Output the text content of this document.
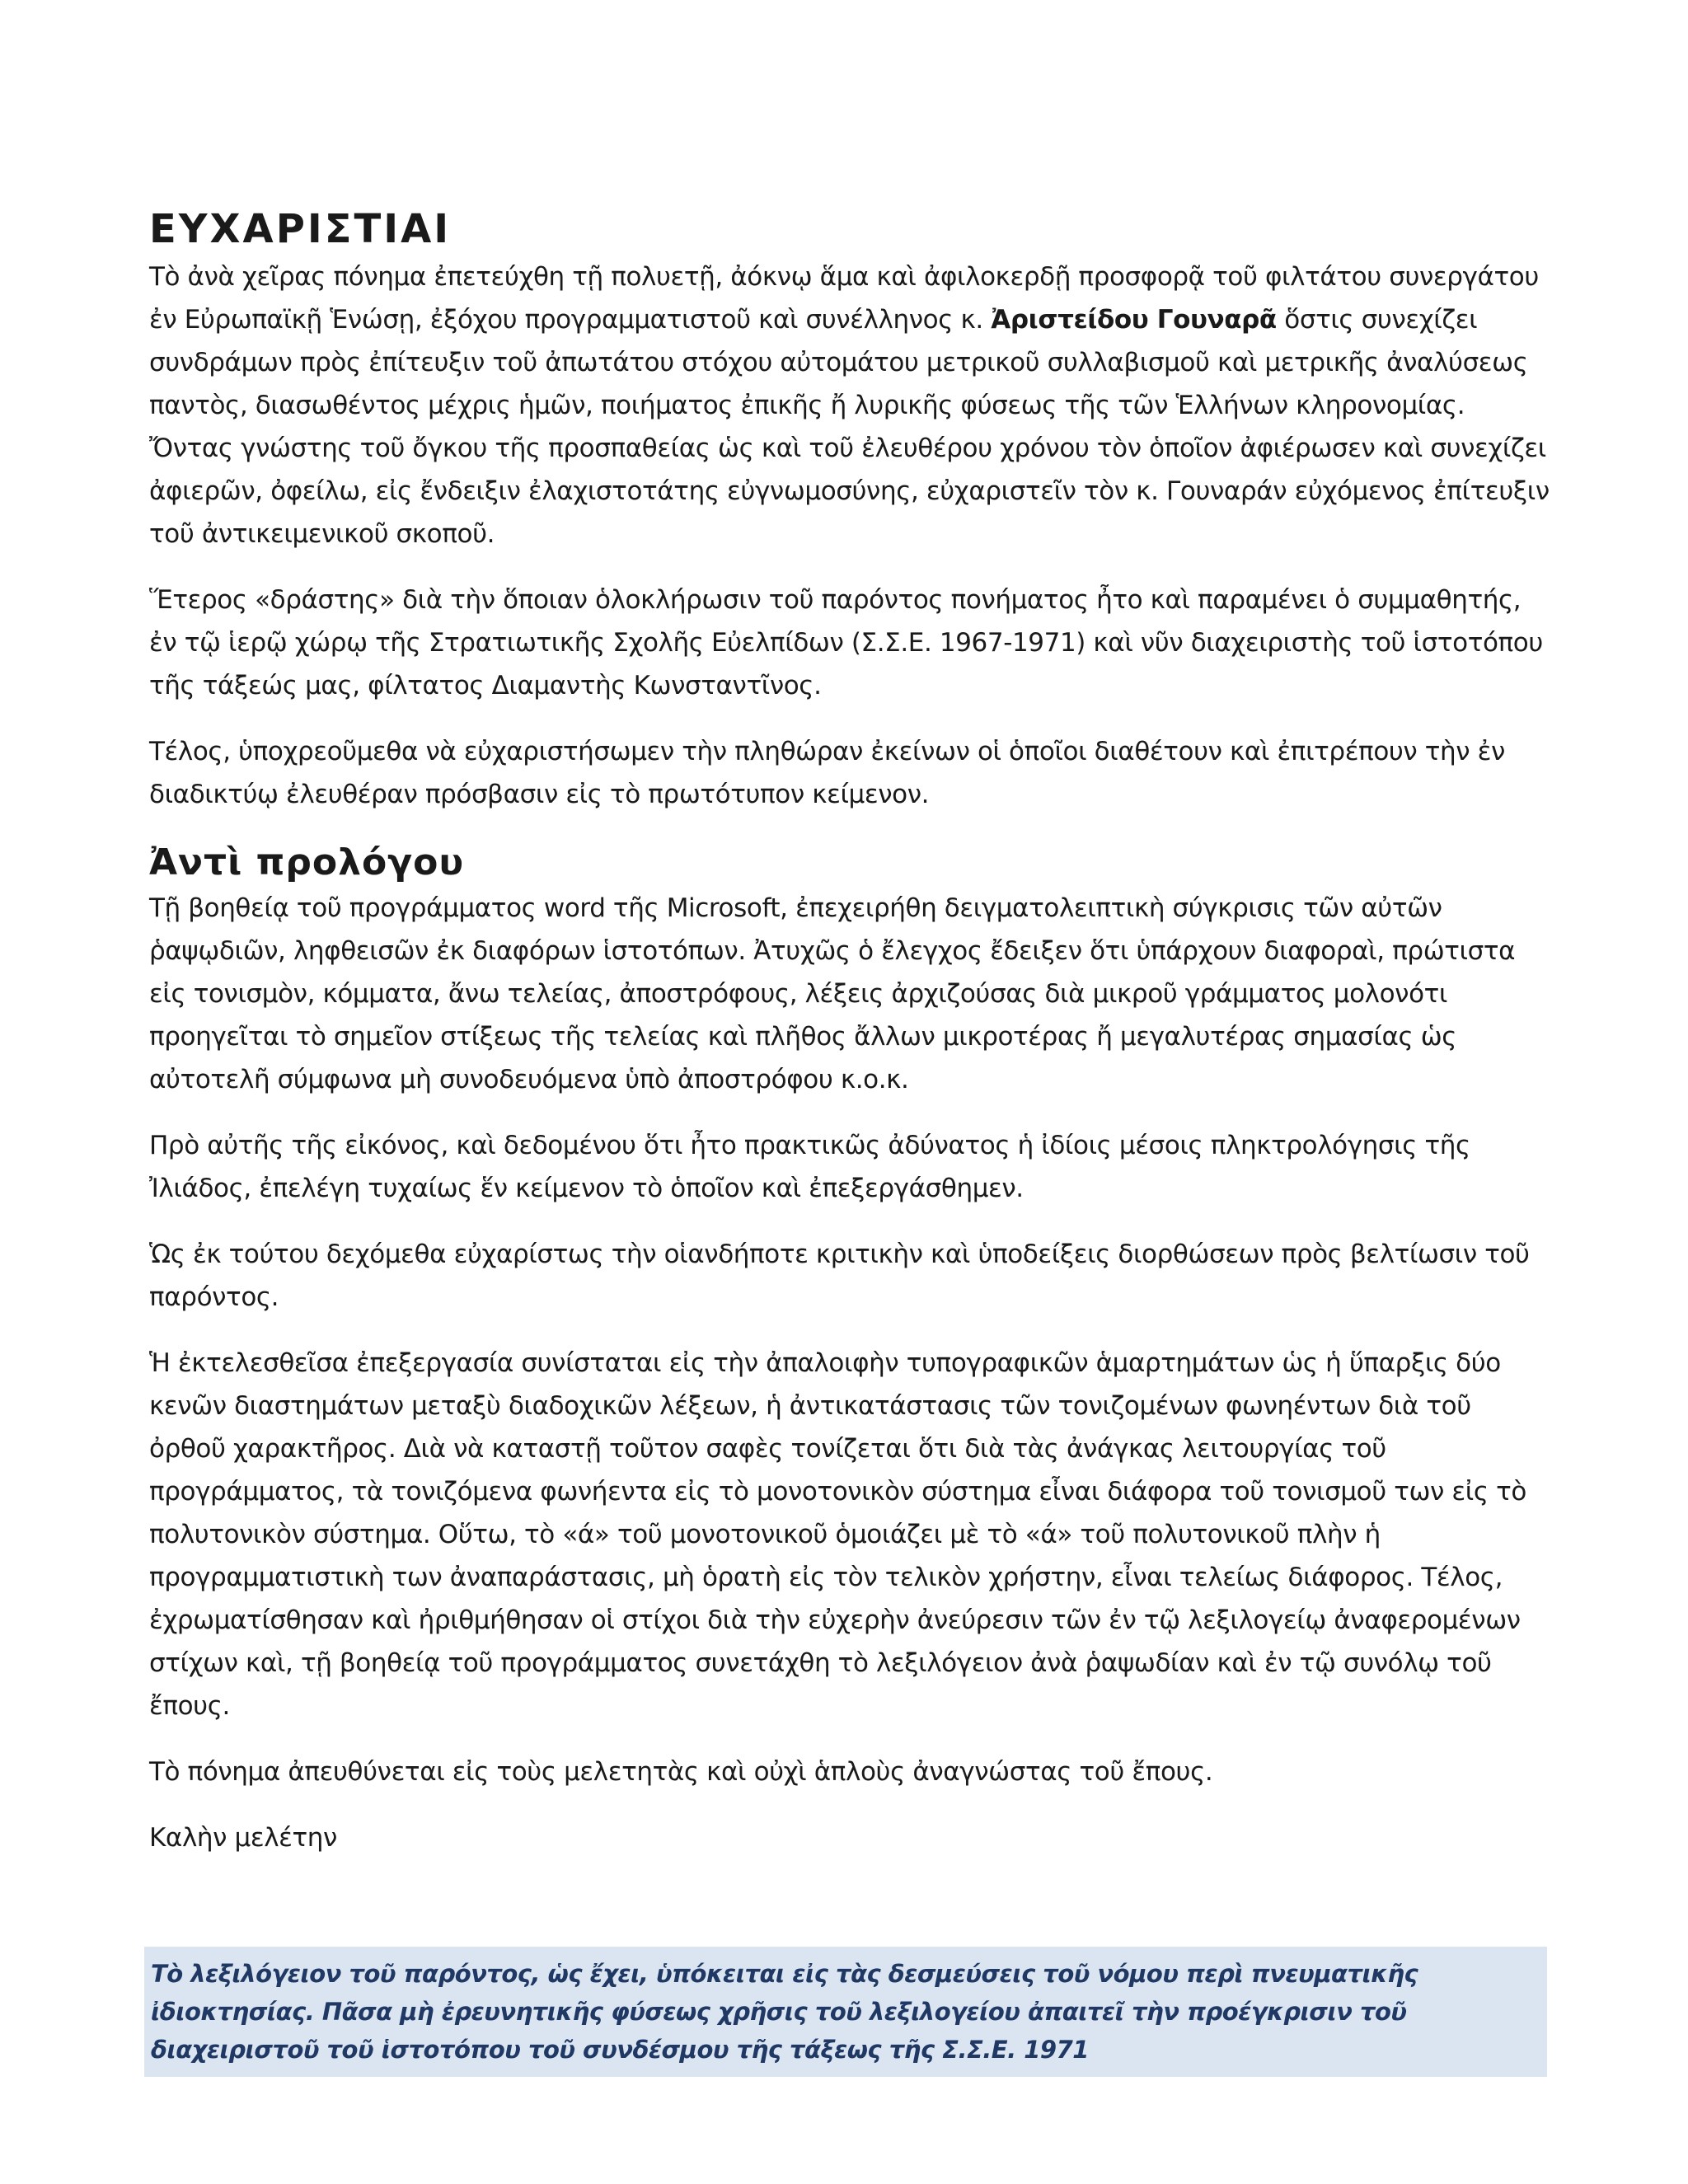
ΕΥΧΑΡΙΣΤΙΑΙ

Τὸ ἀνὰ χεῖρας πόνημα ἐπετεύχθη τῇ πολυετῇ, ἀόκνῳ ἅμα καὶ ἀφιλοκερδῇ προσφορᾷ τοῦ φιλτάτου συνεργάτου ἐν Εὐρωπαϊκῇ Ἑνώσῃ, ἐξόχου προγραμματιστοῦ καὶ συνέλληνος κ. Ἀριστείδου Γουναρᾶ ὅστις συνεχίζει συνδράμων πρὸς ἐπίτευξιν τοῦ ἀπωτάτου στόχου αὐτομάτου μετρικοῦ συλλαβισμοῦ καὶ μετρικῆς ἀναλύσεως παντὸς, διασωθέντος μέχρις ἡμῶν, ποιήματος ἐπικῆς ἤ λυρικῆς φύσεως τῆς τῶν Ἑλλήνων κληρονομίας. Ὄντας γνώστης τοῦ ὄγκου τῆς προσπαθείας ὡς καὶ τοῦ ἐλευθέρου χρόνου τὸν ὁποῖον ἀφιέρωσεν καὶ συνεχίζει ἀφιερῶν, ὀφείλω, εἰς ἔνδειξιν ἐλαχιστοτάτης εὐγνωμοσύνης, εὐχαριστεῖν τὸν κ. Γουναράν εὐχόμενος ἐπίτευξιν τοῦ ἀντικειμενικοῦ σκοποῦ.

Ἕτερος «δράστης» διὰ τὴν ὅποιαν ὁλοκλήρωσιν τοῦ παρόντος πονήματος ἦτο καὶ παραμένει ὁ συμμαθητής, ἐν τῷ ἱερῷ χώρῳ τῆς Στρατιωτικῆς Σχολῆς Εὐελπίδων (Σ.Σ.Ε. 1967-1971) καὶ νῦν διαχειριστὴς τοῦ ἱστοτόπου τῆς τάξεώς μας, φίλτατος Διαμαντὴς Κωνσταντῖνος.

Τέλος, ὑποχρεοῦμεθα νὰ εὐχαριστήσωμεν τὴν πληθώραν ἐκείνων οἱ ὁποῖοι διαθέτουν καὶ ἐπιτρέπουν τὴν ἐν διαδικτύῳ ἐλευθέραν πρόσβασιν εἰς τὸ πρωτότυπον κείμενον.

Ἀντὶ προλόγου

Τῇ βοηθείᾳ τοῦ προγράμματος word τῆς Microsoft, ἐπεχειρήθη δειγματολειπτικὴ σύγκρισις τῶν αὐτῶν ῥαψῳδιῶν, ληφθεισῶν ἐκ διαφόρων ἱστοτόπων. Ἀτυχῶς ὁ ἔλεγχος ἔδειξεν ὅτι ὑπάρχουν διαφοραὶ, πρώτιστα εἰς τονισμὸν, κόμματα, ἄνω τελείας, ἀποστρόφους, λέξεις ἀρχιζούσας διὰ μικροῦ γράμματος μολονότι προηγεῖται τὸ σημεῖον στίξεως τῆς τελείας καὶ πλῆθος ἄλλων μικροτέρας ἤ μεγαλυτέρας σημασίας ὡς αὐτοτελῆ σύμφωνα μὴ συνοδευόμενα ὑπὸ ἀποστρόφου κ.ο.κ.

Πρὸ αὐτῆς τῆς εἰκόνος, καὶ δεδομένου ὅτι ἦτο πρακτικῶς ἀδύνατος ἡ ἰδίοις μέσοις πληκτρολόγησις τῆς Ἰλιάδος, ἐπελέγη τυχαίως ἕν κείμενον τὸ ὁποῖον καὶ ἐπεξεργάσθημεν.

Ὡς ἐκ τούτου δεχόμεθα εὐχαρίστως τὴν οἱανδήποτε κριτικὴν καὶ ὑποδείξεις διορθώσεων πρὸς βελτίωσιν τοῦ παρόντος.

Ἡ ἐκτελεσθεῖσα ἐπεξεργασία συνίσταται εἰς τὴν ἀπαλοιφὴν τυπογραφικῶν ἁμαρτημάτων ὡς ἡ ὕπαρξις δύο κενῶν διαστημάτων μεταξὺ διαδοχικῶν λέξεων, ἡ ἀντικατάστασις τῶν τονιζομένων φωνηέντων διὰ τοῦ ὀρθοῦ χαρακτῆρος. Διὰ νὰ καταστῇ τοῦτον σαφὲς τονίζεται ὅτι διὰ τὰς ἀνάγκας λειτουργίας τοῦ προγράμματος, τὰ τονιζόμενα φωνήεντα εἰς τὸ μονοτονικὸν σύστημα εἶναι διάφορα τοῦ τονισμοῦ των εἰς τὸ πολυτονικὸν σύστημα. Οὕτω, τὸ «ά» τοῦ μονοτονικοῦ ὁμοιάζει μὲ τὸ «ά» τοῦ πολυτονικοῦ πλὴν ἡ προγραμματιστικὴ των ἀναπαράστασις, μὴ ὁρατὴ εἰς τὸν τελικὸν χρήστην, εἶναι τελείως διάφορος. Τέλος, ἐχρωματίσθησαν καὶ ἠριθμήθησαν οἱ στίχοι διὰ τὴν εὐχερὴν ἀνεύρεσιν τῶν ἐν τῷ λεξιλογείῳ ἀναφερομένων στίχων καὶ, τῇ βοηθείᾳ τοῦ προγράμματος συνετάχθη τὸ λεξιλόγειον ἀνὰ ῥαψωδίαν καὶ ἐν τῷ συνόλῳ τοῦ ἔπους.

Τὸ πόνημα ἀπευθύνεται εἰς τοὺς μελετητὰς καὶ οὐχὶ ἁπλοὺς ἀναγνώστας τοῦ ἔπους.

Καλὴν μελέτην

Τὸ λεξιλόγειον τοῦ παρόντος, ὡς ἔχει, ὑπόκειται εἰς τὰς δεσμεύσεις τοῦ νόμου περὶ πνευματικῆς ἰδιοκτησίας. Πᾶσα μὴ ἐρευνητικῆς φύσεως χρῆσις τοῦ λεξιλογείου ἀπαιτεῖ τὴν προέγκρισιν τοῦ διαχειριστοῦ τοῦ ἱστοτόπου τοῦ συνδέσμου τῆς τάξεως τῆς Σ.Σ.Ε. 1971
